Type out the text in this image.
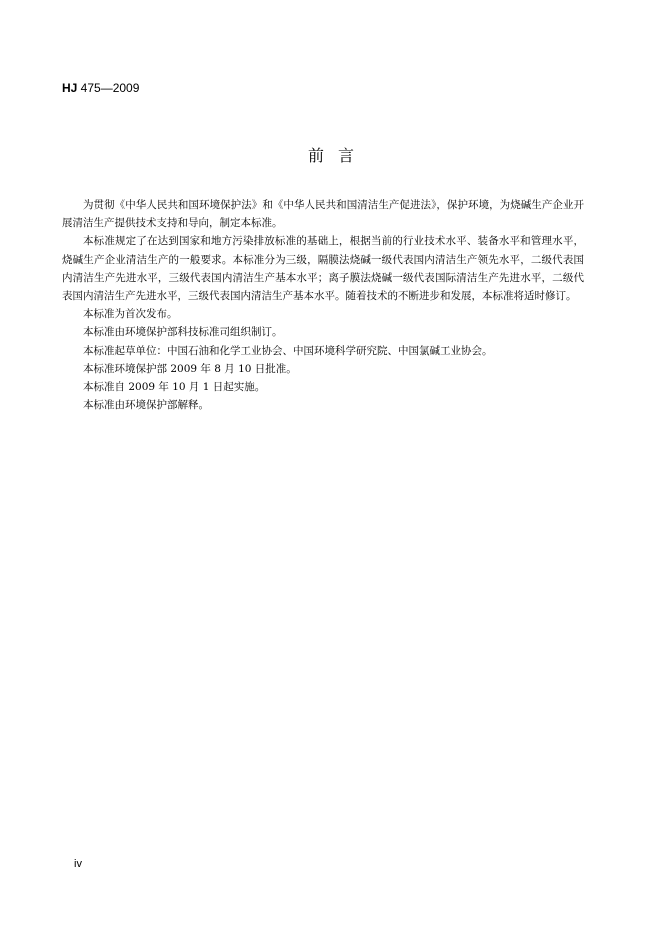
HJ 475—2009
前言

为贯彻《中华人民共和国环境保护法》和《中华人民共和国清洁生产促进法》，保护环境，为烧碱生产企业开展清洁生产提供技术支持和导向，制定本标准。

本标准规定了在达到国家和地方污染排放标准的基础上，根据当前的行业技术水平、装备水平和管理水平，烧碱生产企业清洁生产的一般要求。本标准分为三级，隔膜法烧碱一级代表国内清洁生产领先水平，二级代表国内清洁生产先进水平，三级代表国内清洁生产基本水平；离子膜法烧碱一级代表国际清洁生产先进水平，二级代表国内清洁生产先进水平，三级代表国内清洁生产基本水平。随着技术的不断进步和发展，本标准将适时修订。

本标准为首次发布。

本标准由环境保护部科技标准司组织制订。

本标准起草单位：中国石油和化学工业协会、中国环境科学研究院、中国氯碱工业协会。

本标准环境保护部 2009 年 8 月 10 日批准。

本标准自 2009 年 10 月 1 日起实施。

本标准由环境保护部解释。

iv
